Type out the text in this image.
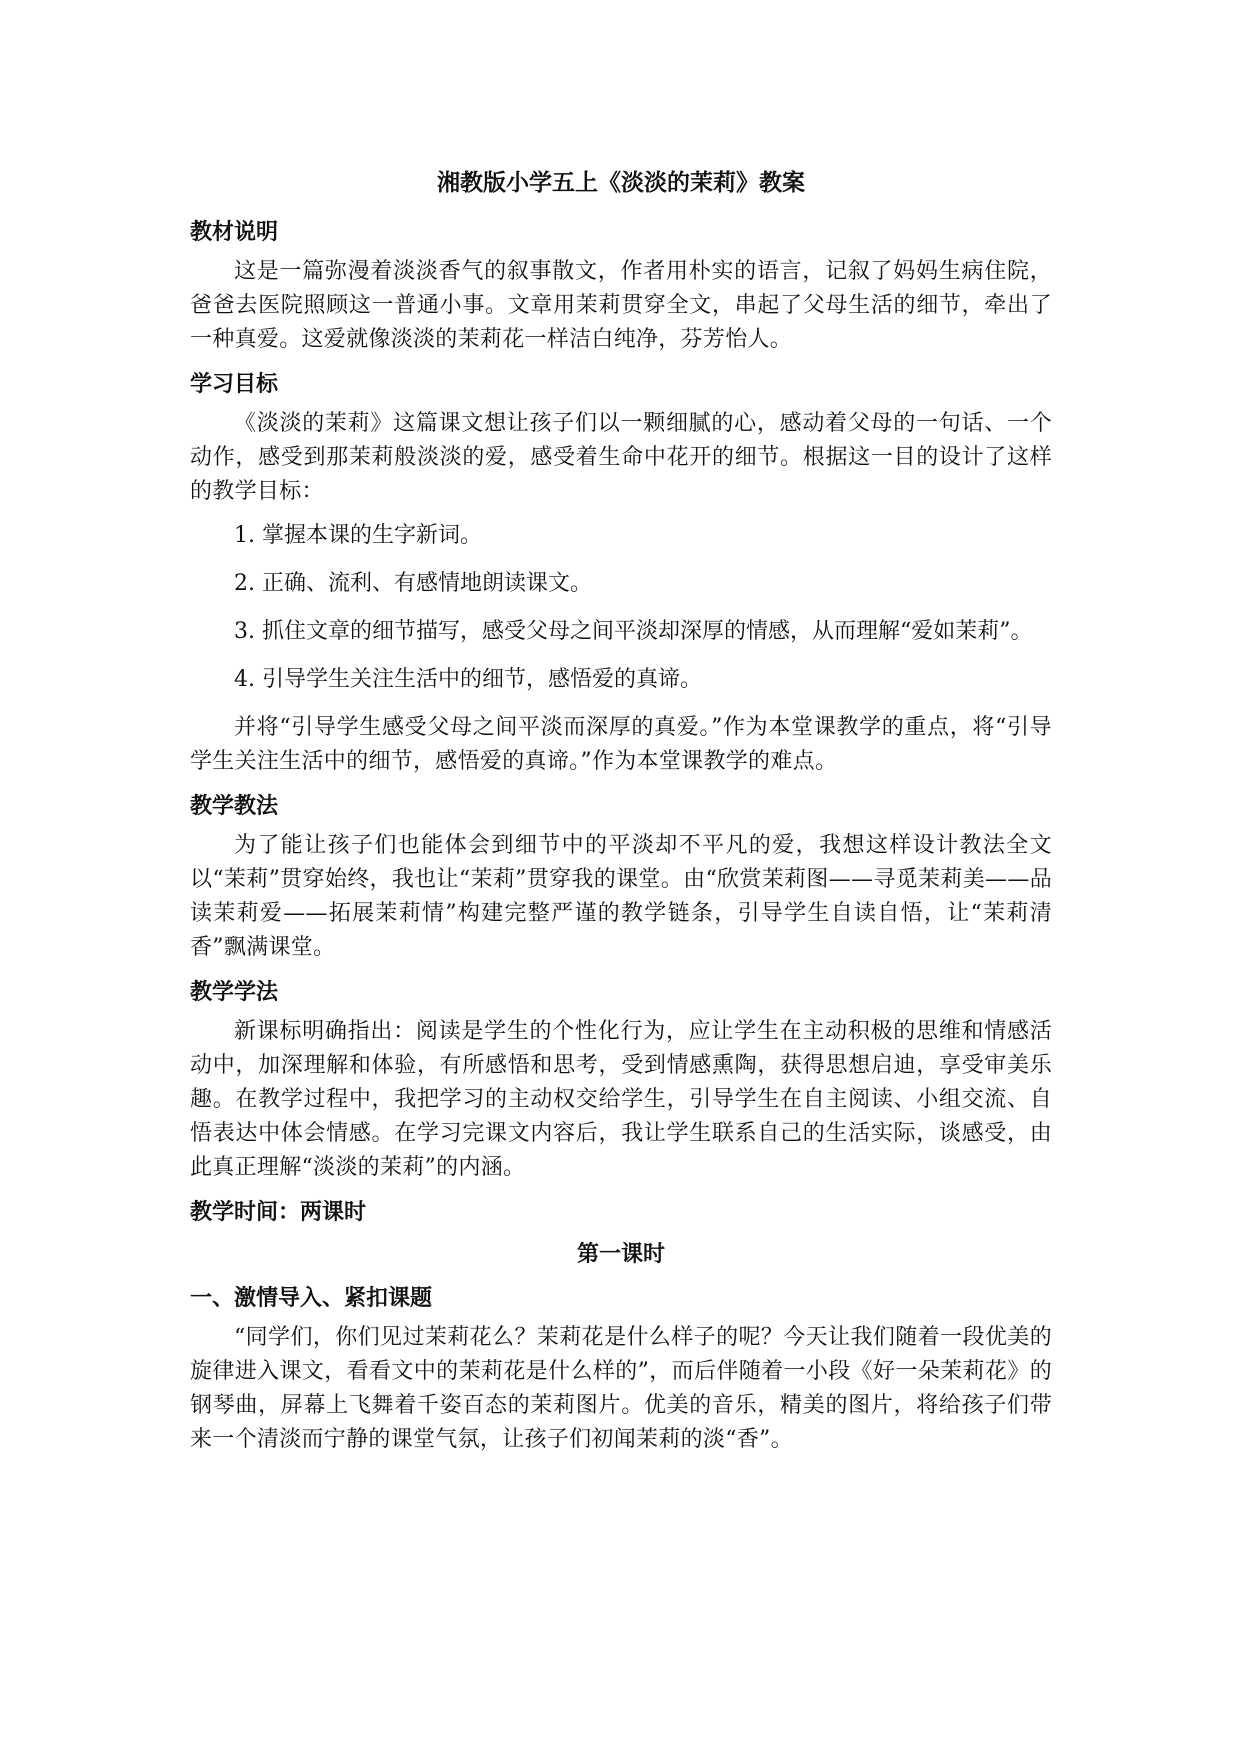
湘教版小学五上《淡淡的茉莉》教案
教材说明

这是一篇弥漫着淡淡香气的叙事散文，作者用朴实的语言，记叙了妈妈生病住院，爸爸去医院照顾这一普通小事。文章用茉莉贯穿全文，串起了父母生活的细节，牵出了一种真爱。这爱就像淡淡的茉莉花一样洁白纯净，芬芳怡人。

学习目标

《淡淡的茉莉》这篇课文想让孩子们以一颗细腻的心，感动着父母的一句话、一个动作，感受到那茉莉般淡淡的爱，感受着生命中花开的细节。根据这一目的设计了这样的教学目标：

1. 掌握本课的生字新词。

2. 正确、流利、有感情地朗读课文。

3. 抓住文章的细节描写，感受父母之间平淡却深厚的情感，从而理解“爱如茉莉”。

4. 引导学生关注生活中的细节，感悟爱的真谛。

并将“引导学生感受父母之间平淡而深厚的真爱。”作为本堂课教学的重点，将“引导学生关注生活中的细节，感悟爱的真谛。”作为本堂课教学的难点。

教学教法

为了能让孩子们也能体会到细节中的平淡却不平凡的爱，我想这样设计教法全文以“茉莉”贯穿始终，我也让“茉莉”贯穿我的课堂。由“欣赏茉莉图——寻觅茉莉美——品读茉莉爱——拓展茉莉情”构建完整严谨的教学链条，引导学生自读自悟，让“茉莉清香”飘满课堂。

教学学法

新课标明确指出：阅读是学生的个性化行为，应让学生在主动积极的思维和情感活动中，加深理解和体验，有所感悟和思考，受到情感熏陶，获得思想启迪，享受审美乐趣。在教学过程中，我把学习的主动权交给学生，引导学生在自主阅读、小组交流、自悟表达中体会情感。在学习完课文内容后，我让学生联系自己的生活实际，谈感受，由此真正理解“淡淡的茉莉”的内涵。

教学时间：两课时
第一课时
一、激情导入、紧扣课题

“同学们，你们见过茉莉花么？茉莉花是什么样子的呢？今天让我们随着一段优美的旋律进入课文，看看文中的茉莉花是什么样的”，而后伴随着一小段《好一朵茉莉花》的钢琴曲，屏幕上飞舞着千姿百态的茉莉图片。优美的音乐，精美的图片，将给孩子们带来一个清淡而宁静的课堂气氛，让孩子们初闻茉莉的淡“香”。
